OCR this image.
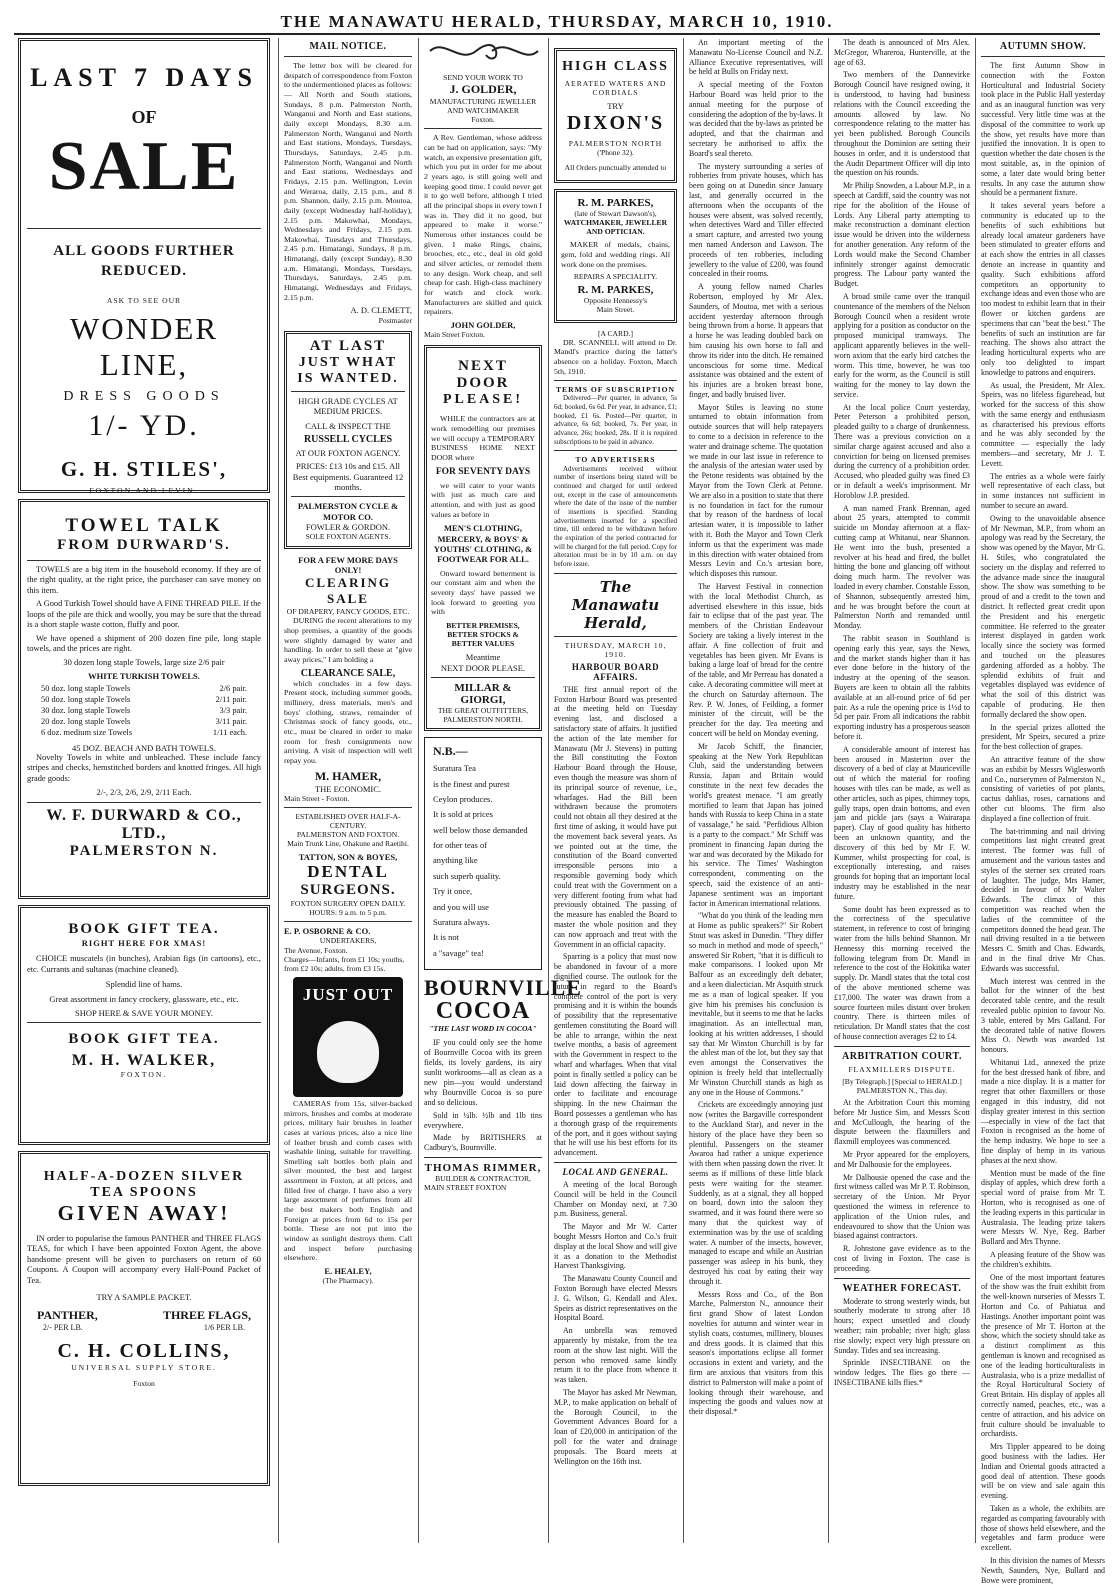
THE MANAWATU HERALD, THURSDAY, MARCH 10, 1910.
LAST 7 DAYS
OF
SALE
ALL GOODS FURTHER REDUCED.
ASK TO SEE OUR
WONDER LINE,
DRESS GOODS
1/- YD.
G. H. STILES',
FOXTON AND LEVIN.
TOWEL TALK
FROM DURWARD'S.
TOWELS are a big item in the household economy. If they are of the right quality, at the right price, the purchaser can save money on this item.
A Good Turkish Towel should have A FINE THREAD PILE. If the loops of the pile are thick and woolly, you may be sure that the thread is a short staple waste cotton, fluffy and poor.
We have opened a shipment of 200 dozen fine pile, long staple towels, and the prices are right.
30 dozen long staple Towels, large size 2/6 pair
WHITE TURKISH TOWELS.
50 doz. long staple Towels	2/6 pair.
50 doz. long staple Towels	2/11 pair.
30 doz. long staple Towels	3/3 pair.
20 doz. long staple Towels	3/11 pair.
6 doz. medium size Towels	1/11 each.
45 DOZ. BEACH AND BATH TOWELS.
Novelty Towels in white and unbleached. These include fancy stripes and checks, hemstitched borders and knotted fringes. All high grade goods:
2/-, 2/3, 2/6, 2/9, 2/11 Each.
W. F. DURWARD & CO., LTD.,
PALMERSTON N.
BOOK GIFT TEA.
RIGHT HERE FOR XMAS!
CHOICE muscatels (in bunches), Arabian figs (in cartoons), etc., etc. Currants and sultanas (machine cleaned).
Splendid line of hams.
Great assortment in fancy crockery, glassware, etc., etc.
SHOP HERE & SAVE YOUR MONEY.
BOOK GIFT TEA.
M. H. WALKER,
FOXTON.
HALF-A-DOZEN SILVER
TEA SPOONS
GIVEN AWAY!
IN order to popularise the famous PANTHER and THREE FLAGS TEAS, for which I have been appointed Foxton Agent, the above handsome present will be given to purchasers on return of 60 Coupons. A Coupon will accompany every Half-Pound Packet of Tea.
TRY A SAMPLE PACKET.
PANTHER,	THREE FLAGS,
2/- PER LB.	1/6 PER LB.
C. H. COLLINS,
UNIVERSAL SUPPLY STORE.
Foxton
MAIL NOTICE.
The letter box will be cleared for despatch of correspondence from Foxton to the undermentioned places as follows:— All North and South stations, Sundays, 8 p.m. Palmerston North, Wanganui and North and East stations, daily except Mondays, 8.30 a.m. Palmerston North, Wanganui and North and East stations, Mondays, Tuesdays, Thursdays, Saturdays, 2.45 p.m. Palmerston North, Wanganui and North and East stations, Wednesdays and Fridays, 2.15 p.m. Wellington, Levin and Weraroa, daily, 2.15 p.m., and 8 p.m. Shannon, daily, 2.15 p.m. Moutoa, daily (except Wednesday half-holiday), 2.15 p.m. Makowhai, Mondays, Wednesdays and Fridays, 2.15 p.m. Makowhai, Tuesdays and Thursdays, 2.45 p.m. Himatangi, Sundays, 8 p.m. Himatangi, daily (except Sunday), 8.30 a.m. Himatangi, Mondays, Tuesdays, Thursdays, Saturdays, 2.45 p.m. Himatangi, Wednesdays and Fridays, 2.15 p.m.
A. D. CLEMETT,
Postmaster
AT LAST
JUST WHAT
IS WANTED.
HIGH GRADE CYCLES AT MEDIUM PRICES.
CALL & INSPECT THE
RUSSELL CYCLES
AT OUR FOXTON AGENCY.
PRICES: £13 10s and £15. All Best equipments. Guaranteed 12 months.
PALMERSTON CYCLE & MOTOR CO.
FOWLER & GORDON.
SOLE FOXTON AGENTS.
FOR A FEW MORE DAYS ONLY!
CLEARING SALE
OF DRAPERY, FANCY GOODS, ETC.
DURING the recent alterations to my shop premises, a quantity of the goods were slightly damaged by water and handling. In order to sell these at "give away prices," I am holding a
CLEARANCE SALE,
which concludes in a few days. Present stock, including summer goods, millinery, dress materials, men's and boys' clothing, straws, remainder of Christmas stock of fancy goods, etc., etc., must be cleared in order to make room for fresh consignments now arriving. A visit of inspection will well repay you.
M. HAMER,
THE ECONOMIC.
Main Street - Foxton.
ESTABLISHED OVER HALF-A-CENTURY.
PALMERSTON AND FOXTON.
Main Trunk Line, Ohakune and Raetihi.
TATTON, SON & BOYES,
DENTAL
SURGEONS.
FOXTON SURGERY OPEN DAILY.
HOURS: 9 a.m. to 5 p.m.
E. P. OSBORNE & CO.
UNDERTAKERS,
The Avenue, Foxton.
Charges—Infants, from £1 10s; youths, from £2 10s; adults, from £3 15s.
JUST OUT
CAMERAS from 15s, silver-backed mirrors, brushes and combs at moderate prices, military hair brushes in leather cases at various prices, also a nice line of leather brush and comb cases with washable lining, suitable for travelling. Smelling salt bottles both plain and silver mounted, the best and largest assortment in Foxton, at all prices, and filled free of charge. I have also a very large assortment of perfumes from all the best makers both English and Foreign at prices from 6d to 15s per bottle. These are not put into the window as sunlight destroys them. Call and inspect before purchasing elsewhere.
E. HEALEY,
(The Pharmacy).
SEND YOUR WORK TO
J. GOLDER,
MANUFACTURING JEWELLER AND WATCHMAKER
Foxton.
A Rev. Gentleman, whose address can be had on application, says: "My watch, an expensive presentation gift, which you put in order for me about 2 years ago, is still going well and keeping good time. I could never get it to go well before, although I tried all the principal shops in every town I was in. They did it no good, but appeared to make it worse." Numerous other instances could be given. I make Rings, chains, brooches, etc., etc., deal in old gold and silver articles, or remodel them to any design. Work cheap, and sell cheap for cash. High-class machinery for watch and clock work. Manufacturers are skilled and quick repairers.
JOHN GOLDER,
Main Street Foxton.
NEXT DOOR
PLEASE!
WHILE the contractors are at work remodelling our premises we will occupy a TEMPORARY BUSINESS HOME NEXT DOOR where
FOR SEVENTY DAYS
we will cater to your wants with just as much care and attention, and with just as good values as before in
MEN'S CLOTHING, MERCERY, & BOYS' & YOUTHS' CLOTHING, & FOOTWEAR FOR ALL.
Onward toward betterment is our constant aim and when the seventy days' have passed we look forward to greeting you with
BETTER PREMISES, BETTER STOCKS & BETTER VALUES
Meantime
NEXT DOOR PLEASE.
MILLAR & GIORGI,
THE GREAT OUTFITTERS,
PALMERSTON NORTH.
N.B.—
Suratura Tea
is the finest and purest
Ceylon produces.
It is sold at prices
well below those demanded
for other teas of
anything like
such superb quality.
Try it once,
and you will use
Suratura always.
It is not
a "savage" tea!
BOURNVILLE
COCOA
"THE LAST WORD IN COCOA"
IF you could only see the home of Bournville Cocoa with its green fields, its lovely gardens, its airy sunlit workrooms—all as clean as a new pin—you would understand why Bournville Cocoa is so pure and so delicious.
Sold in ¼lb. ½lb and 1lb tins everywhere.
Made by BRITISHERS at Cadbury's, Bournville.
THOMAS RIMMER,
BUILDER & CONTRACTOR,
MAIN STREET FOXTON
HIGH CLASS
AERATED WATERS AND
CORDIALS
TRY
DIXON'S
PALMERSTON NORTH
('Phone 32).
All Orders punctually attended to
R. M. PARKES,
(late of Stewart Dawson's),
WATCHMAKER, JEWELLER AND OPTICIAN.
MAKER of medals, chains, gem, fold and wedding rings. All work done on the premises.
REPAIRS A SPECIALITY.
R. M. PARKES,
Opposite Hennessy's
Main Street.
[A CARD.]
DR. SCANNELL will attend to Dr. Mandl's practice during the latter's absence on a holiday. Foxton, March 5th, 1910.
TERMS OF SUBSCRIPTION
Delivered—Per quarter, in advance, 5s 6d; booked, 6s 6d. Per year, in advance, £1; booked, £1 6s. Posted—Per quarter, in advance, 6s 6d; booked, 7s. Per year, in advance, 26s; booked, 28s. If it is required subscriptions to be paid in advance.
TO ADVERTISERS
Advertisements received without number of insertions being stated will be continued and charged for until ordered out, except in the case of announcements where the date of the issue of the number of insertions is specified. Standing advertisements inserted for a specified time, till ordered to be withdrawn before the expiration of the period contracted for will be charged for the full period. Copy for alteration must be in by 10 a.m. on day before issue.
The Manawatu Herald,
THURSDAY, MARCH 10, 1910.
HARBOUR BOARD AFFAIRS.
THE first annual report of the Foxton Harbour Board was presented at the meeting held on Tuesday evening last, and disclosed a satisfactory state of affairs. It justified the action of the late member for Manawatu (Mr J. Stevens) in putting the Bill constituting the Foxton Harbour Board through the House, even though the measure was shorn of its principal source of revenue, i.e., wharfages. Had the Bill been withdrawn because the promoters could not obtain all they desired at the first time of asking, it would have put the movement back several years. As we pointed out at the time, the constitution of the Board converted irresponsible persons into a responsible governing body which could treat with the Government on a very different footing from what had previously obtained. The passing of the measure has enabled the Board to master the whole position and they can now approach and treat with the Government in an official capacity.
Sparring is a policy that must now be abandoned in favour of a more dignified course. The outlook for the future in regard to the Board's complete control of the port is very promising and it is within the bounds of possibility that the representative gentlemen constituting the Board will be able to arrange, within the next twelve months, a basis of agreement with the Government in respect to the wharf and wharfages. When that vital point is finally settled a policy can be laid down affecting the fairway in order to facilitate and encourage shipping. In the new Chairman the Board possesses a gentleman who has a thorough grasp of the requirements of the port, and it goes without saying that he will use his best efforts for its advancement.
LOCAL AND GENERAL.
A meeting of the local Borough Council will be held in the Council Chamber on Monday next, at 7.30 p.m. Business, general.
The Mayor and Mr W. Carter bought Messrs Horton and Co.'s fruit display at the local Show and will give it as a donation to the Methodist Harvest Thanksgiving.
The Manawatu County Council and Foxton Borough have elected Messrs J. G. Wilson, G. Kendall and Alex. Speirs as district representatives on the Hospital Board.
An umbrella was removed apparently by mistake, from the tea room at the show last night. Will the person who removed same kindly return it to the place from whence it was taken.
The Mayor has asked Mr Newman, M.P., to make application on behalf of the Borough Council, to the Government Advances Board for a loan of £20,000 in anticipation of the poll for the water and drainage proposals. The Board meets at Wellington on the 16th inst.
An important meeting of the Manawatu No-License Council and N.Z. Alliance Executive representatives, will be held at Bulls on Friday next.
A special meeting of the Foxton Harbour Board was held prior to the annual meeting for the purpose of considering the adoption of the by-laws. It was decided that the by-laws as printed be adopted, and that the chairman and secretary be authorised to affix the Board's seal thereto.
The mystery surrounding a series of robberies from private houses, which has been going on at Dunedin since January last, and generally occurred in the afternoons when the occupants of the houses were absent, was solved recently, when detectives Ward and Tiller effected a smart capture, and arrested two young men named Anderson and Lawson. The proceeds of ten robberies, including jewellery to the value of £200, was found concealed in their rooms.
A young fellow named Charles Robertson, employed by Mr Alex. Saunders, of Moutoa, met with a serious accident yesterday afternoon through being thrown from a horse. It appears that a horse he was leading doubled back on him causing his own horse to fall and throw its rider into the ditch. He remained unconscious for some time. Medical assistance was obtained and the extent of his injuries are a broken breast bone, finger, and badly bruised liver.
Mayor Stiles is leaving no stone unturned to obtain information from outside sources that will help ratepayers to come to a decision in reference to the water and drainage scheme. The quotation we made in our last issue in reference to the analysis of the artesian water used by the Petone residents was obtained by the Mayor from the Town Clerk at Petone. We are also in a position to state that there is no foundation in fact for the rumour that by reason of the hardness of local artesian water, it is impossible to lather with it. Both the Mayor and Town Clerk inform us that the experiment was made in this direction with water obtained from Messrs Levin and Co.'s artesian bore, which disposes this rumour.
The Harvest Festival in connection with the local Methodist Church, as advertised elsewhere in this issue, bids fair to eclipse that of the past year. The members of the Christian Endeavour Society are taking a lively interest in the affair. A fine collection of fruit and vegetables has been given. Mr Evans is baking a large loaf of bread for the centre of the table, and Mr Perreau has donated a cake. A decorating committee will meet at the church on Saturday afternoon. The Rev. P. W. Jones, of Feilding, a former minister of the circuit, will be the preacher for the day. Tea meeting and concert will be held on Monday evening.
Mr Jacob Schiff, the financier, speaking at the New York Republican Club, said the understanding between Russia, Japan and Britain would constitute in the next few decades the world's greatest menace. "I am greatly mortified to learn that Japan has joined hands with Russia to keep China in a state of vassalage," he said. "Perfidious Albion is a party to the compact." Mr Schiff was prominent in financing Japan during the war and was decorated by the Mikado for his service. The Times' Washington correspondent, commenting on the speech, said the existence of an anti-Japanese sentiment was an important factor in American international relations.
"What do you think of the leading men at Home as public speakers?" Sir Robert Stout was asked in Dunedin. "They differ so much in method and mode of speech," answered Sir Robert, "that it is difficult to make comparisons. I looked upon Mr Balfour as an exceedingly deft debater, and a keen dialectician. Mr Asquith struck me as a man of logical speaker. If you give him his premises his conclusion is inevitable, but it seems to me that he lacks imagination. As an intellectual man, looking at his written addresses, I should say that Mr Winston Churchill is by far the ablest man of the lot, but they say that even amongst the Conservatives the opinion is freely held that intellectually Mr Winston Churchill stands as high as any one in the House of Commons."
Crickets are exceedingly annoying just now (writes the Bargaville correspondent to the Auckland Star), and never in the history of the place have they been so plentiful. Passengers on the steamer Awaroa had rather a unique experience with them when passing down the river. It seems as if millions of these little black pests were waiting for the steamer. Suddenly, as at a signal, they all hopped on board, down into the saloon they swarmed, and it was found there were so many that the quickest way of extermination was by the use of scalding water. A number of the insects, however, managed to escape and while an Austrian passenger was asleep in his bunk, they destroyed his coat by eating their way through it.
Messrs Ross and Co., of the Bon Marche, Palmerston N., announce their first grand Show of latest London novelties for autumn and winter wear in stylish coats, costumes, millinery, blouses and dress goods. It is claimed that this season's importations eclipse all former occasions in extent and variety, and the firm are anxious that visitors from this district to Palmerston will make a point of looking through their warehouse, and inspecting the goods and values now at their disposal.*
The death is announced of Mrs Alex. McGregor, Whareroa, Hunterville, at the age of 63.
Two members of the Dannevirke Borough Council have resigned owing, it is understood, to having had business relations with the Council exceeding the amounts allowed by law. No correspondence relating to the matter has yet been published. Borough Councils throughout the Dominion are setting their houses in order, and it is understood that the Audit Department Officer will dip into the question on his rounds.
Mr Philip Snowden, a Labour M.P., in a speech at Cardiff, said the country was not ripe for the abolition of the House of Lords. Any Liberal party attempting to make reconstruction a dominant election issue would be driven into the wilderness for another generation. Any reform of the Lords would make the Second Chamber infinitely stronger against democratic progress. The Labour party wanted the Budget.
A broad smile came over the tranquil countenance of the members of the Nelson Borough Council when a resident wrote applying for a position as conductor on the proposed municipal tramways. The applicant apparently believes in the well-worn axiom that the early bird catches the worm. This time, however, he was too early for the worm, as the Council is still waiting for the money to lay down the service.
At the local police Court yesterday, Peter Peterson a prohibited person, pleaded guilty to a charge of drunkenness. There was a previous conviction on a similar charge against accused and also a conviction for being on licensed premises during the currency of a prohibition order. Accused, who pleaded guilty was fined £3 or in default a week's imprisonment. Mr Horoblow J.P. presided.
A man named Frank Brennan, aged about 25 years, attempted to commit suicide on Monday afternoon at a flax-cutting camp at Whitanui, near Shannon. He went into the bush, presented a revolver at his head and fired, the bullet hitting the bone and glancing off without doing much harm. The revolver was loaded in every chamber. Constable Esson, of Shannon, subsequently arrested him, and he was brought before the court at Palmerston North and remanded until Monday.
The rabbit season in Southland is opening early this year, says the News, and the market stands higher than it has ever done before in the history of the industry at the opening of the season. Buyers are keen to obtain all the rabbits available at an all-round price of 6d per pair. As a rule the opening price is 1½d to 5d per pair. From all indications the rabbit exporting industry has a prosperous season before it.
A considerable amount of interest has been aroused in Masterton over the discovery of a bed of clay at Mauriceville out of which the material for roofing houses with tiles can be made, as well as other articles, such as pipes, chimney tops, gully traps, open drain bottoms, and even jam and pickle jars (says a Wairarapa paper). Clay of good quality has hitherto been an unknown quantity, and the discovery of this bed by Mr F. W. Kummer, whilst prospecting for coal, is exceptionally interesting, and raises grounds for hoping that an important local industry may be established in the near future.
Some doubt has been expressed as to the correctness of the speculative statement, in reference to cost of bringing water from the hills behind Shannon. Mr Hennessy this morning received the following telegram from Dr. Mandl in reference to the cost of the Hokitika water supply. Dr. Mandl states that the total cost of the above mentioned scheme was £17,000. The water was drawn from a source fourteen miles distant over broken country. There is thirteen miles of reticulation. Dr Mandl states that the cost of house connection averages £2 to £4.
ARBITRATION COURT.
FLAXMILLERS DISPUTE.
[By Telegraph.] [Special to HERALD.] PALMERSTON N., This day.
At the Arbitration Court this morning before Mr Justice Sim, and Messrs Scott and McCullough, the hearing of the dispute between the flaxmillers and flaxmill employees was commenced.
Mr Pryor appeared for the employers, and Mr Dalhousie for the employees.
Mr Dalhousie opened the case and the first witness called was Mr P. T. Robinson, secretary of the Union. Mr Pryor questioned the witness in reference to application of the Union rules, and endeavoured to show that the Union was biased against contractors.
R. Johnstone gave evidence as to the cost of living in Foxton. The case is proceeding.
WEATHER FORECAST.
Moderate to strong westerly winds, but southerly moderate to strong after 18 hours; expect unsettled and cloudy weather; rain probable; river high; glass rise slowly; expect very high pressure on Sunday. Tides and sea increasing.
Sprinkle INSECTIBANE on the window ledges. The flies go there — INSECTIBANE kills flies.*
AUTUMN SHOW.
The first Autumn Show in connection with the Foxton Horticultural and Industrial Society took place in the Public Hall yesterday and as an inaugural function was very successful. Very little time was at the disposal of the committee to work up the show, yet results have more than justified the innovation. It is open to question whether the date chosen is the most suitable, as, in the opinion of some, a later date would bring better results. In any case the autumn show should be a permanent fixture.
It takes several years before a community is educated up to the benefits of such exhibitions but already local amateur gardeners have been stimulated to greater efforts and at each show the entries in all classes denote an increase in quantity and quality. Such exhibitions afford competitors an opportunity to exchange ideas and even those who are too modest to exhibit learn that in their flower or kitchen gardens are specimens that can "beat the best." The benefits of such an institution are far reaching. The shows also attract the leading horticultural experts who are only too delighted to impart knowledge to patrons and enquirers.
As usual, the President, Mr Alex. Speirs, was no lifeless figurehead, but worked for the success of this show with the same energy and enthusiasm as characterised his previous efforts and he was ably seconded by the committee — especially the lady members—and secretary, Mr J. T. Levett.
The entries as a whole were fairly well representative of each class, but in some instances not sufficient in number to secure an award.
Owing to the unavoidable absence of Mr Newman, M.P., from whom an apology was read by the Secretary, the show was opened by the Mayor, Mr G. H. Stiles, who congratulated the society on the display and referred to the advance made since the inaugural show. The show was something to be proud of and a credit to the town and district. It reflected great credit upon the President and his energetic committee. He referred to the greater interest displayed in garden work locally since the society was formed and touched on the pleasures gardening afforded as a hobby. The splendid exhibits of fruit and vegetables displayed was evidence of what the soil of this district was capable of producing. He then formally declared the show open.
In the special prizes allotted the president, Mr Speirs, secured a prize for the best collection of grapes.
An attractive feature of the show was an exhibit by Messrs Wiglesworth and Co., nurserymen of Palmerston N., consisting of varieties of pot plants, cactus dahlias, roses, carnations and other cut blooms. The firm also displayed a fine collection of fruit.
The bat-trimming and nail driving competitions last night created great interest. The former was full of amusement and the various tastes and styles of the sterner sex created roars of laughter. The judge, Mrs Hamer, decided in favour of Mr Walter Edwards. The climax of this competition was reached when the ladies of the committee of the competitors donned the head gear. The nail driving resulted in a tie between Messrs C. Smith and Chas. Edwards, and in the final drive Mr Chas. Edwards was successful.
Much interest was centred in the ballot for the winner of the best decorated table centre, and the result revealed public opinion to favour No. 3 table, entered by Mrs Galland. For the decorated table of native flowers Miss O. Newth was awarded 1st honours.
Whitanui Ltd., annexed the prize for the best dressed hank of fibre, and made a nice display. It is a matter for regret that other flaxmillers or those engaged in this industry, did not display greater interest in this section—especially in view of the fact that Foxton is recognised as the home of the hemp industry. We hope to see a fine display of hemp in its various phases at the next show.
Mention must be made of the fine display of apples, which drew forth a special word of praise from Mr T. Horton, who is recognised as one of the leading experts in this particular in Australasia. The leading prize takers were Messrs W. Nye, Reg. Barber Bullard and Mrs Thynne.
A pleasing feature of the Show was the children's exhibits.
One of the most important features of the show was the fruit exhibit from the well-known nurseries of Messrs T. Horton and Co. of Pahiatua and Hastings. Another important point was the presence of Mr T. Horton at the show, which the society should take as a distinct compliment as this gentleman is known and recognised as one of the leading horticulturalists in Australasia, who is a prize medallist of the Royal Horticultural Society of Great Britain. His display of apples all correctly named, peaches, etc., was a centre of attraction, and his advice on fruit culture should be invaluable to orchardists.
Mrs Tippler appeared to be doing good business with the ladies. Her Indian and Oriental goods attracted a good deal of attention. These goods will be on view and sale again this evening.
Taken as a whole, the exhibits are regarded as comparing favourably with those of shows held elsewhere, and the vegetables and farm produce were excellent.
In this division the names of Messrs Newth, Saunders, Nye, Bullard and Bowe were prominent,
